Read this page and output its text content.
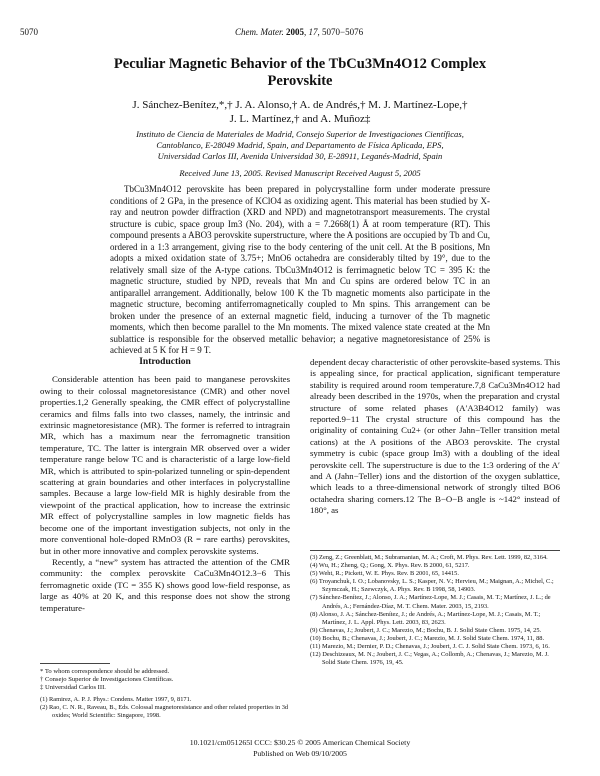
5070	Chem. Mater. 2005, 17, 5070−5076
Peculiar Magnetic Behavior of the TbCu3Mn4O12 Complex
Perovskite
J. Sánchez-Benítez,*,† J. A. Alonso,† A. de Andrés,† M. J. Martínez-Lope,†
J. L. Martínez,† and A. Muñoz‡
Instituto de Ciencia de Materiales de Madrid, Consejo Superior de Investigaciones Científicas,
Cantoblanco, E-28049 Madrid, Spain, and Departamento de Física Aplicada, EPS,
Universidad Carlos III, Avenida Universidad 30, E-28911, Leganés-Madrid, Spain
Received June 13, 2005. Revised Manuscript Received August 5, 2005

TbCu3Mn4O12 perovskite has been prepared in polycrystalline form under moderate pressure conditions of 2 GPa, in the presence of KClO4 as oxidizing agent. This material has been studied by X-ray and neutron powder diffraction (XRD and NPD) and magnetotransport measurements. The crystal structure is cubic, space group Im3 (No. 204), with a = 7.2668(1) Å at room temperature (RT). This compound presents a ABO3 perovskite superstructure, where the A positions are occupied by Tb and Cu, ordered in a 1:3 arrangement, giving rise to the body centering of the unit cell. At the B positions, Mn adopts a mixed oxidation state of 3.75+; MnO6 octahedra are considerably tilted by 19°, due to the relatively small size of the A-type cations. TbCu3Mn4O12 is ferrimagnetic below TC = 395 K: the magnetic structure, studied by NPD, reveals that Mn and Cu spins are ordered below TC in an antiparallel arrangement. Additionally, below 100 K the Tb magnetic moments also participate in the magnetic structure, becoming antiferromagnetically coupled to Mn spins. This arrangement can be broken under the presence of an external magnetic field, inducing a turnover of the Tb magnetic moments, which then become parallel to the Mn moments. The mixed valence state created at the Mn sublattice is responsible for the observed metallic behavior; a negative magnetoresistance of 25% is achieved at 5 K for H = 9 T.

Introduction

Considerable attention has been paid to manganese perovskites owing to their colossal magnetoresistance (CMR) and other novel properties.1,2 Generally speaking, the CMR effect of polycrystalline ceramics and films falls into two classes, namely, the intrinsic and extrinsic magnetoresistance (MR). The former is referred to intragrain MR, which has a maximum near the ferromagnetic transition temperature, TC. The latter is intergrain MR observed over a wider temperature range below TC and is characteristic of a large low-field MR, which is attributed to spin-polarized tunneling or spin-dependent scattering at grain boundaries and other interfaces in polycrystalline samples. Because a large low-field MR is highly desirable from the viewpoint of the practical application, how to increase the extrinsic MR effect of polycrystalline samples in low magnetic fields has become one of the important investigation subjects, not only in the more conventional hole-doped RMnO3 (R = rare earths) perovskites, but in other more innovative and complex perovskite systems.

Recently, a “new” system has attracted the attention of the CMR community: the complex perovskite CaCu3Mn4O12.3−6 This ferromagnetic oxide (TC = 355 K) shows good low-field response, as large as 40% at 20 K, and this response does not show the strong temperature-

* To whom correspondence should be addressed.
† Consejo Superior de Investigaciones Científicas.
‡ Universidad Carlos III.
(1) Ramirez, A. P. J. Phys.: Condens. Matter 1997, 9, 8171.
(2) Rao, C. N. R., Raveau, B., Eds. Colossal magnetoresistance and other related properties in 3d oxides; World Scientific: Singapore, 1998.

dependent decay characteristic of other perovskite-based systems. This is appealing since, for practical application, significant temperature stability is required around room temperature.7,8 CaCu3Mn4O12 had already been described in the 1970s, when the preparation and crystal structure of some related phases (A′A3B4O12 family) was reported.9−11 The crystal structure of this compound has the originality of containing Cu2+ (or other Jahn−Teller transition metal cations) at the A positions of the ABO3 perovskite. The crystal symmetry is cubic (space group Im3) with a doubling of the ideal perovskite cell. The superstructure is due to the 1:3 ordering of the A′ and A (Jahn−Teller) ions and the distortion of the oxygen sublattice, which leads to a three-dimensional network of strongly tilted BO6 octahedra sharing corners.12 The B−O−B angle is ~142° instead of 180°, as

(3) Zeng, Z.; Greenblatt, M.; Subramanian, M. A.; Croft, M. Phys. Rev. Lett. 1999, 82, 3164.
(4) Wu, H.; Zheng, Q.; Gong, X. Phys. Rev. B 2000, 61, 5217.
(5) Weht, R.; Pickett, W. E. Phys. Rev. B 2001, 65, 14415.
(6) Troyanchuk, I. O.; Lobanovsky, L. S.; Kasper, N. V.; Hervieu, M.; Maignan, A.; Michel, C.; Szymczak, H.; Szewczyk, A. Phys. Rev. B 1998, 58, 14903.
(7) Sánchez-Benítez, J.; Alonso, J. A.; Martínez-Lope, M. J.; Casais, M. T.; Martínez, J. L.; de Andrés, A.; Fernández-Díaz, M. T. Chem. Mater. 2003, 15, 2193.
(8) Alonso, J. A.; Sánchez-Benítez, J.; de Andrés, A.; Martínez-Lope, M. J.; Casais, M. T.; Martínez, J. L. Appl. Phys. Lett. 2003, 83, 2623.
(9) Chenavas, J.; Joubert, J. C.; Marezio, M.; Bochu, B. J. Solid State Chem. 1975, 14, 25.
(10) Bochu, B.; Chenavas, J.; Joubert, J. C.; Marezio, M. J. Solid State Chem. 1974, 11, 88.
(11) Marezio, M.; Dernier, P. D.; Chenavas, J.; Joubert, J. C. J. Solid State Chem. 1973, 6, 16.
(12) Deschizeaux, M. N.; Joubert, J. C.; Vegas, A.; Collomb, A.; Chenavas, J.; Marezio, M. J. Solid State Chem. 1976, 19, 45.
10.1021/cm051265l CCC: $30.25 © 2005 American Chemical Society
Published on Web 09/10/2005
